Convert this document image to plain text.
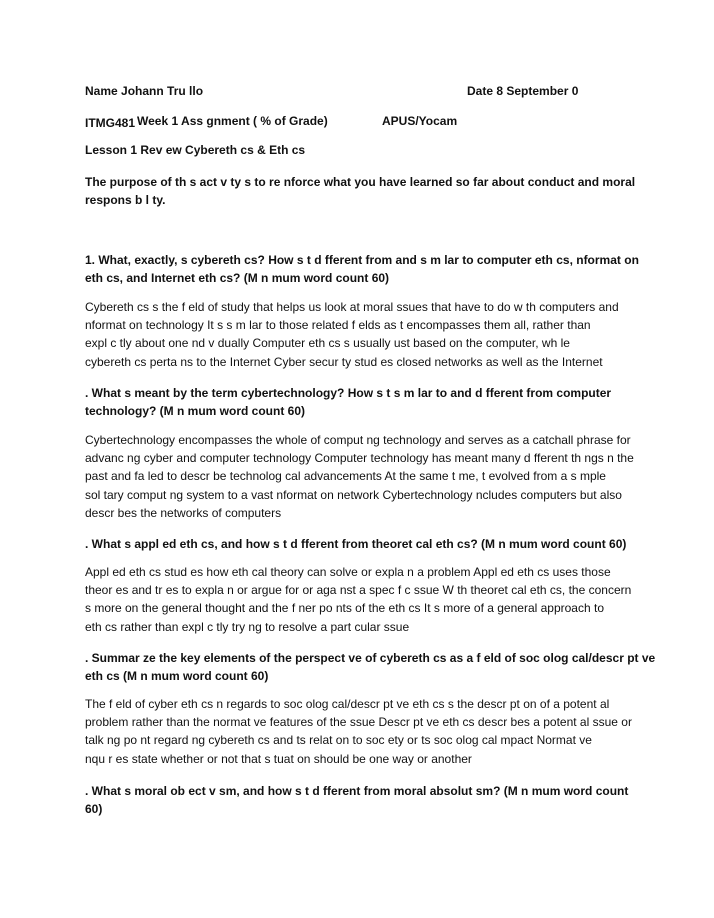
Name Johann Tru llo	Date 8 September 0
ITMG481 Week 1 Ass gnment ( % of Grade)	APUS/Yocam
Lesson 1 Rev ew Cybereth cs & Eth cs
The purpose of th s act v ty s to re nforce what you have learned so far about conduct and moral
respons b l ty.
1. What, exactly, s cybereth cs? How s t d fferent from and s m lar to computer eth cs, nformat on
eth cs, and Internet eth cs? (M n mum word count 60)
Cybereth cs s the f eld of study that helps us look at moral ssues that have to do w th computers and
nformat on technology It s s m lar to those related f elds as t encompasses them all, rather than
expl c tly about one nd v dually Computer eth cs s usually ust based on the computer, wh le
cybereth cs perta ns to the Internet Cyber secur ty stud es closed networks as well as the Internet
. What s meant by the term cybertechnology? How s t s m lar to and d fferent from computer
technology? (M n mum word count 60)
Cybertechnology encompasses the whole of comput ng technology and serves as a catchall phrase for
advanc ng cyber and computer technology Computer technology has meant many d fferent th ngs n the
past and fa led to descr be technolog cal advancements At the same t me, t evolved from a s mple
sol tary comput ng system to a vast nformat on network Cybertechnology ncludes computers but also
descr bes the networks of computers
. What s appl ed eth cs, and how s t d fferent from theoret cal eth cs? (M n mum word count 60)
Appl ed eth cs stud es how eth cal theory can solve or expla n a problem Appl ed eth cs uses those
theor es and tr es to expla n or argue for or aga nst a spec f c ssue W th theoret cal eth cs, the concern
s more on the general thought and the f ner po nts of the eth cs It s more of a general approach to
eth cs rather than expl c tly try ng to resolve a part cular ssue
. Summar ze the key elements of the perspect ve of cybereth cs as a f eld of soc olog cal/descr pt ve
eth cs (M n mum word count 60)
The f eld of cyber eth cs n regards to soc olog cal/descr pt ve eth cs s the descr pt on of a potent al
problem rather than the normat ve features of the ssue Descr pt ve eth cs descr bes a potent al ssue or
talk ng po nt regard ng cybereth cs and ts relat on to soc ety or ts soc olog cal mpact Normat ve
nqu r es state whether or not that s tuat on should be one way or another
. What s moral ob ect v sm, and how s t d fferent from moral absolut sm? (M n mum word count
60)
